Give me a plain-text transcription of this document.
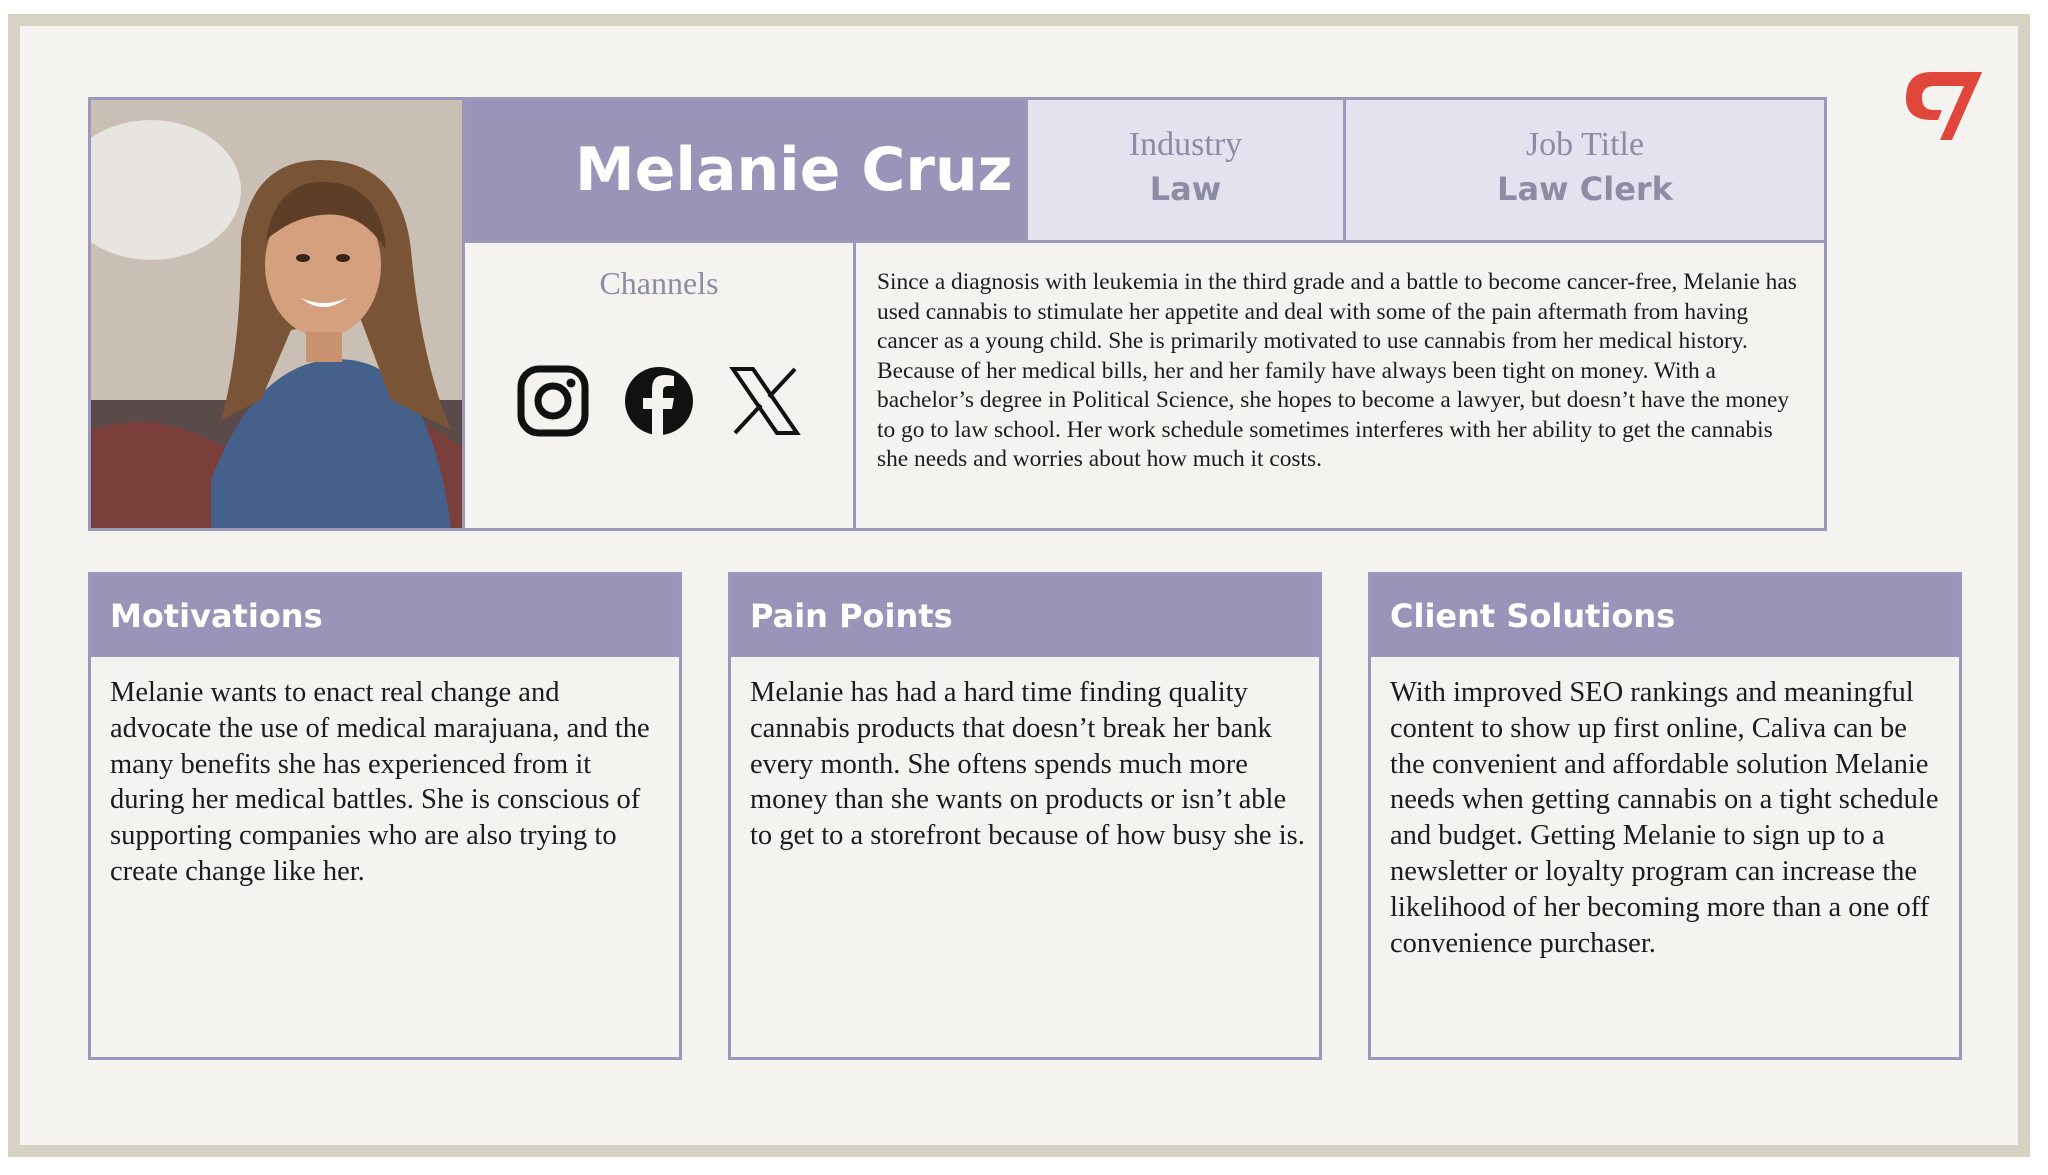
Melanie Cruz	Industry
Law
Job Title
Law Clerk
Channels	Since a diagnosis with leukemia in the third grade and a battle to become cancer-free, Melanie has used cannabis to stimulate her appetite and deal with some of the pain aftermath from having cancer as a young child. She is primarily motivated to use cannabis from her medical history. Because of her medical bills, her and her family have always been tight on money. With a bachelor’s degree in Political Science, she hopes to become a lawyer, but doesn’t have the money to go to law school. Her work schedule sometimes interferes with her ability to get the cannabis she needs and worries about how much it costs.
Motivations
Melanie wants to enact real change and advocate the use of medical marajuana, and the many benefits she has experienced from it during her medical battles. She is conscious of supporting companies who are also trying to create change like her.
Pain Points
Melanie has had a hard time finding quality cannabis products that doesn’t break her bank every month. She oftens spends much more money than she wants on products or isn’t able to get to a storefront because of how busy she is.
Client Solutions
With improved SEO rankings and meaningful content to show up first online, Caliva can be the convenient and affordable solution Melanie needs when getting cannabis on a tight schedule and budget. Getting Melanie to sign up to a newsletter or loyalty program can increase the likelihood of her becoming more than a one off convenience purchaser.
